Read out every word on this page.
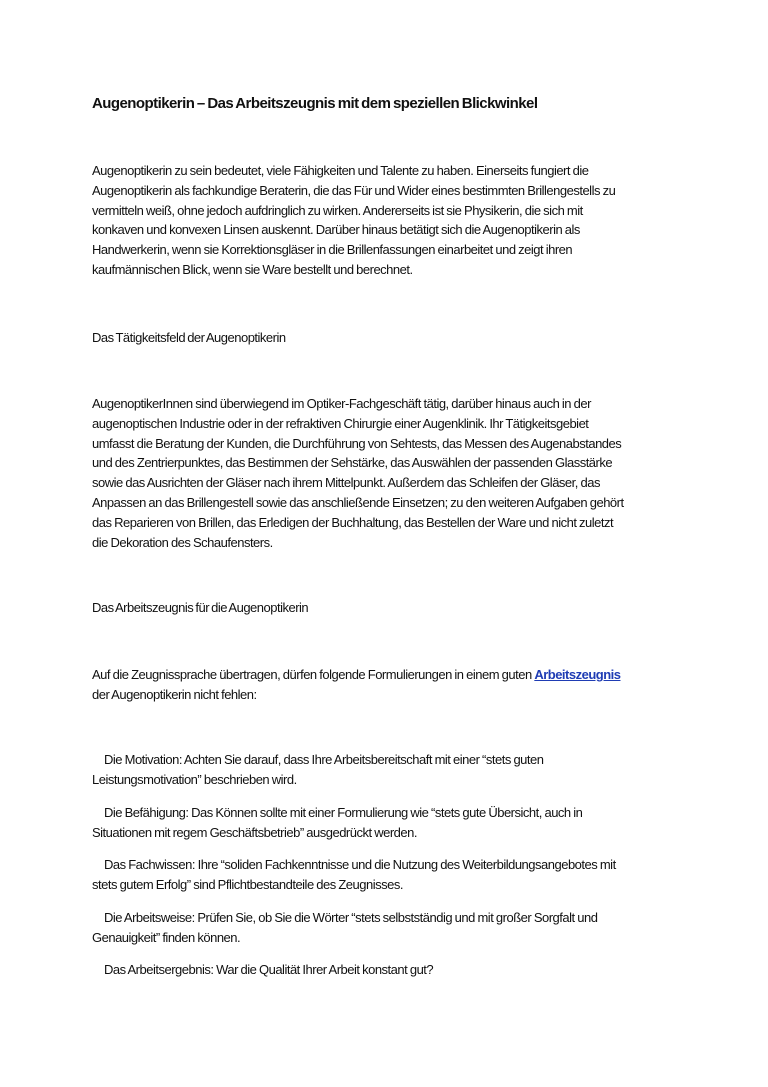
Augenoptikerin – Das Arbeitszeugnis mit dem speziellen Blickwinkel

Augenoptikerin zu sein bedeutet, viele Fähigkeiten und Talente zu haben. Einerseits fungiert die
Augenoptikerin als fachkundige Beraterin, die das Für und Wider eines bestimmten Brillengestells zu
vermitteln weiß, ohne jedoch aufdringlich zu wirken. Andererseits ist sie Physikerin, die sich mit
konkaven und konvexen Linsen auskennt. Darüber hinaus betätigt sich die Augenoptikerin als
Handwerkerin, wenn sie Korrektionsgläser in die Brillenfassungen einarbeitet und zeigt ihren
kaufmännischen Blick, wenn sie Ware bestellt und berechnet.

Das Tätigkeitsfeld der Augenoptikerin

AugenoptikerInnen sind überwiegend im Optiker-Fachgeschäft tätig, darüber hinaus auch in der
augenoptischen Industrie oder in der refraktiven Chirurgie einer Augenklinik. Ihr Tätigkeitsgebiet
umfasst die Beratung der Kunden, die Durchführung von Sehtests, das Messen des Augenabstandes
und des Zentrierpunktes, das Bestimmen der Sehstärke, das Auswählen der passenden Glasstärke
sowie das Ausrichten der Gläser nach ihrem Mittelpunkt. Außerdem das Schleifen der Gläser, das
Anpassen an das Brillengestell sowie das anschließende Einsetzen; zu den weiteren Aufgaben gehört
das Reparieren von Brillen, das Erledigen der Buchhaltung, das Bestellen der Ware und nicht zuletzt
die Dekoration des Schaufensters.

Das Arbeitszeugnis für die Augenoptikerin

Auf die Zeugnissprache übertragen, dürfen folgende Formulierungen in einem guten Arbeitszeugnis
der Augenoptikerin nicht fehlen:

Die Motivation: Achten Sie darauf, dass Ihre Arbeitsbereitschaft mit einer “stets guten
Leistungsmotivation” beschrieben wird.
Die Befähigung: Das Können sollte mit einer Formulierung wie “stets gute Übersicht, auch in
Situationen mit regem Geschäftsbetrieb” ausgedrückt werden.
Das Fachwissen: Ihre “soliden Fachkenntnisse und die Nutzung des Weiterbildungsangebotes mit
stets gutem Erfolg” sind Pflichtbestandteile des Zeugnisses.
Die Arbeitsweise: Prüfen Sie, ob Sie die Wörter “stets selbstständig und mit großer Sorgfalt und
Genauigkeit” finden können.
Das Arbeitsergebnis: War die Qualität Ihrer Arbeit konstant gut?
